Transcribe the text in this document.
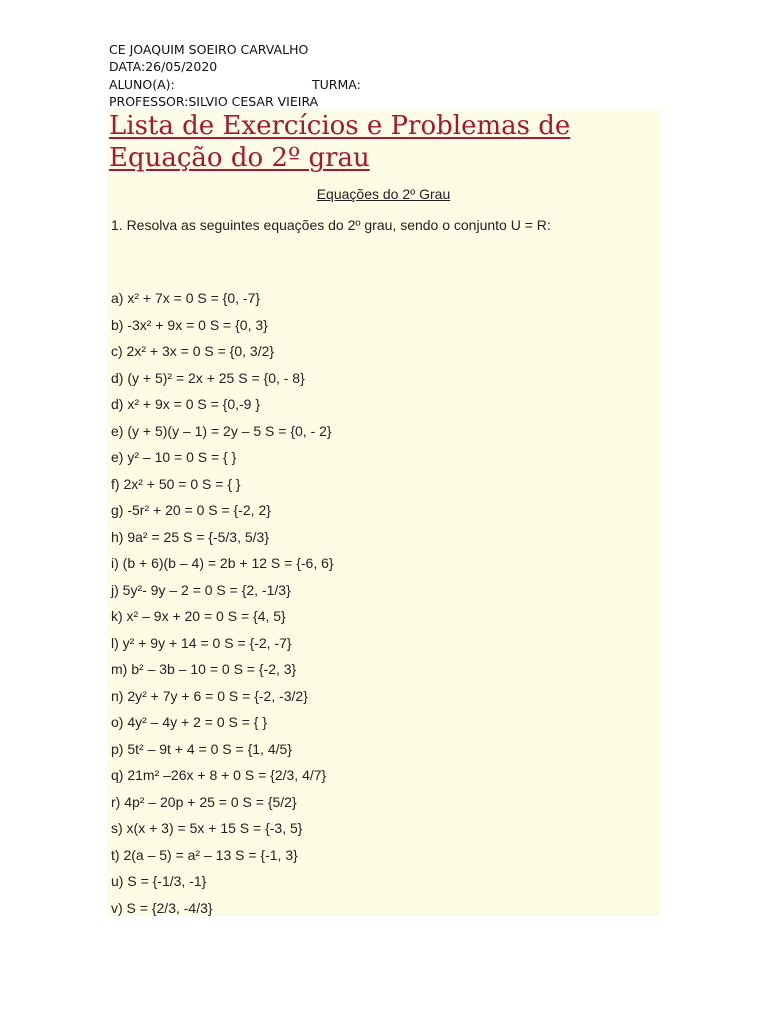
CE JOAQUIM SOEIRO CARVALHO
DATA:26/05/2020
ALUNO(A):	TURMA:
PROFESSOR:SILVIO CESAR VIEIRA
Lista de Exercícios e Problemas de Equação do 2º grau
Equações do 2º Grau
1. Resolva as seguintes equações do 2º grau, sendo o conjunto U = R:
a) x² + 7x = 0 S = {0, -7}
b) -3x² + 9x = 0 S = {0, 3}
c) 2x² + 3x = 0 S = {0, 3/2}
d) (y + 5)² = 2x + 25 S = {0, - 8}
d) x² + 9x = 0 S = {0,-9 }
e) (y + 5)(y – 1) = 2y – 5 S = {0, - 2}
e) y² – 10 = 0 S = { }
f) 2x² + 50 = 0 S = { }
g) -5r² + 20 = 0 S = {-2, 2}
h) 9a² = 25 S = {-5/3, 5/3}
i) (b + 6)(b – 4) = 2b + 12 S = {-6, 6}
j) 5y²- 9y – 2 = 0 S = {2, -1/3}
k) x² – 9x + 20 = 0 S = {4, 5}
l) y² + 9y + 14 = 0 S = {-2, -7}
m) b² – 3b – 10 = 0 S = {-2, 3}
n) 2y² + 7y + 6 = 0 S = {-2, -3/2}
o) 4y² – 4y + 2 = 0 S = { }
p) 5t² – 9t + 4 = 0 S = {1, 4/5}
q) 21m² –26x + 8 + 0 S = {2/3, 4/7}
r) 4p² – 20p + 25 = 0 S = {5/2}
s) x(x + 3) = 5x + 15 S = {-3, 5}
t) 2(a – 5) = a² – 13 S = {-1, 3}
u) S = {-1/3, -1}
v) S = {2/3, -4/3}
